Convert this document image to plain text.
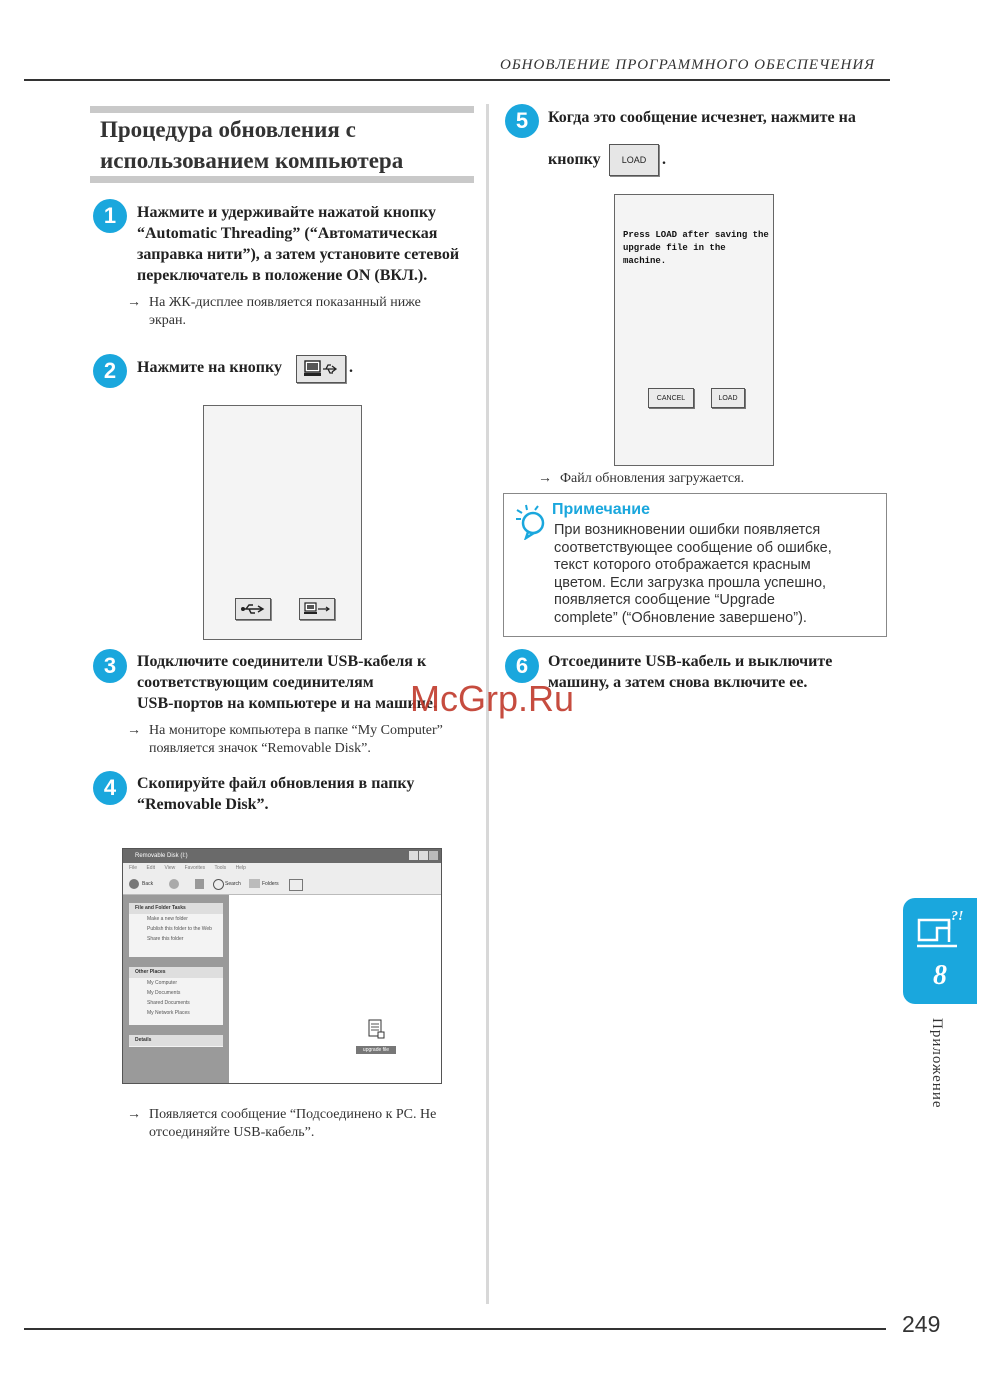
ОБНОВЛЕНИЕ ПРОГРАММНОГО ОБЕСПЕЧЕНИЯ
Процедура обновления с
использованием компьютера
1	Нажмите и удерживайте нажатой кнопку
“Automatic Threading” (“Автоматическая
заправка нити”), а затем установите сетевой
переключатель в положение ON (ВКЛ.).
→ На ЖК-дисплее появляется показанный ниже
экран.
2	Нажмите на кнопку	.
3	Подключите соединители USB-кабеля к
соответствующим соединителям
USB-портов на компьютере и на машине.
→ На мониторе компьютера в папке “My Computer”
появляется значок “Removable Disk”.
4	Скопируйте файл обновления в папку
“Removable Disk”.
Removable Disk (I:)
File Edit View Favorites Tools Help
Back	Search	Folders
File and Folder Tasks
Make a new folder
Publish this folder to the Web
Share this folder
Other Places
My Computer
My Documents
Shared Documents
My Network Places
Details
upgrade file
→ Появляется сообщение “Подсоединено к PC. Не
отсоединяйте USB-кабель”.
5	Когда это сообщение исчезнет, нажмите на
кнопку	LOAD .
Press LOAD after saving the
upgrade file in the
machine.
CANCEL	LOAD
→ Файл обновления загружается.
Примечание
При возникновении ошибки появляется
соответствующее сообщение об ошибке,
текст которого отображается красным
цветом. Если загрузка прошла успешно,
появляется сообщение “Upgrade
complete” (“Обновление завершено”).
6	Отсоедините USB-кабель и выключите
машину, а затем снова включите ее.
McGrp.Ru
?!
8
Приложение
249
